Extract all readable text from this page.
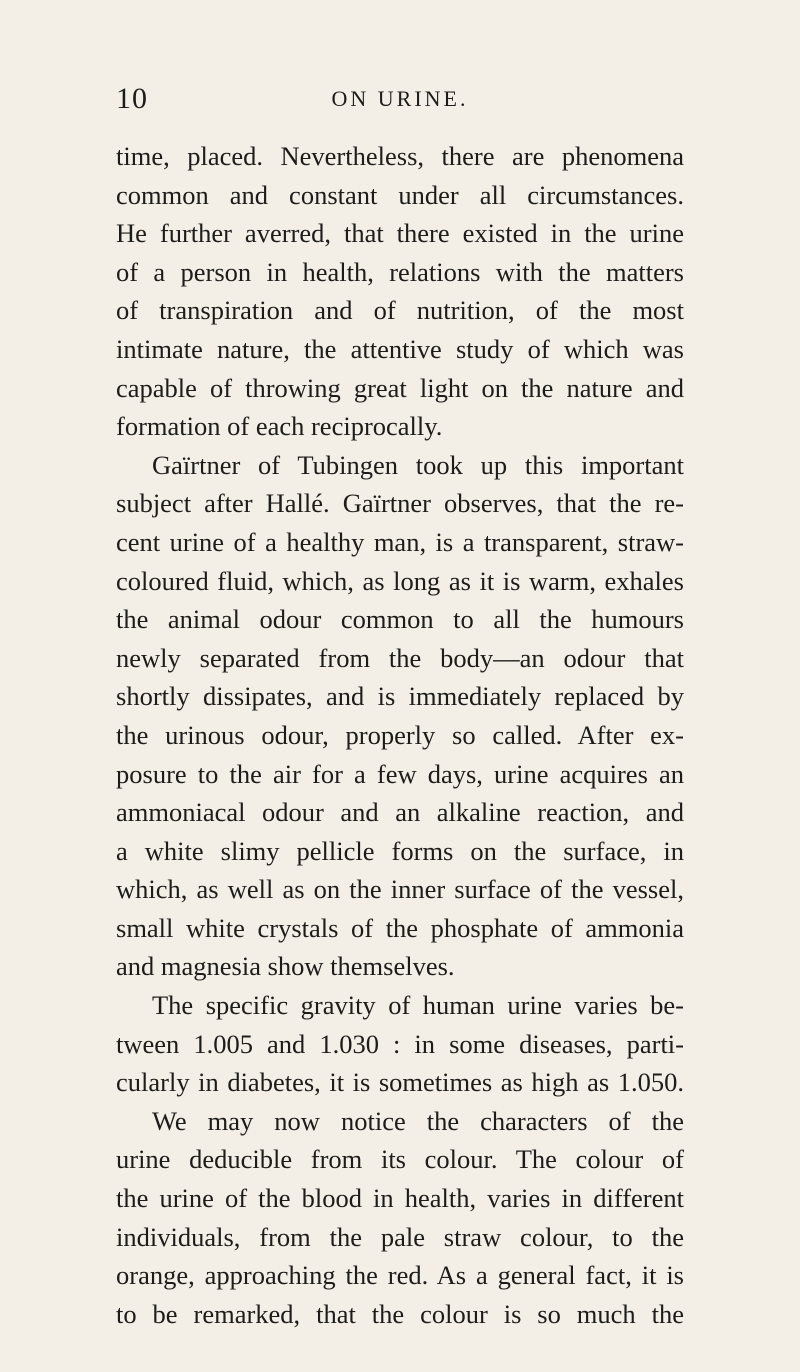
10	ON URINE.
time, placed. Nevertheless, there are phenomena
common and constant under all circumstances.
He further averred, that there existed in the urine
of a person in health, relations with the matters
of transpiration and of nutrition, of the most
intimate nature, the attentive study of which was
capable of throwing great light on the nature and
formation of each reciprocally.
Gaïrtner of Tubingen took up this important
subject after Hallé. Gaïrtner observes, that the re-
cent urine of a healthy man, is a transparent, straw-
coloured fluid, which, as long as it is warm, exhales
the animal odour common to all the humours
newly separated from the body—an odour that
shortly dissipates, and is immediately replaced by
the urinous odour, properly so called. After ex-
posure to the air for a few days, urine acquires an
ammoniacal odour and an alkaline reaction, and
a white slimy pellicle forms on the surface, in
which, as well as on the inner surface of the vessel,
small white crystals of the phosphate of ammonia
and magnesia show themselves.
The specific gravity of human urine varies be-
tween 1.005 and 1.030 : in some diseases, parti-
cularly in diabetes, it is sometimes as high as 1.050.
We may now notice the characters of the
urine deducible from its colour. The colour of
the urine of the blood in health, varies in different
individuals, from the pale straw colour, to the
orange, approaching the red. As a general fact, it is
to be remarked, that the colour is so much the
